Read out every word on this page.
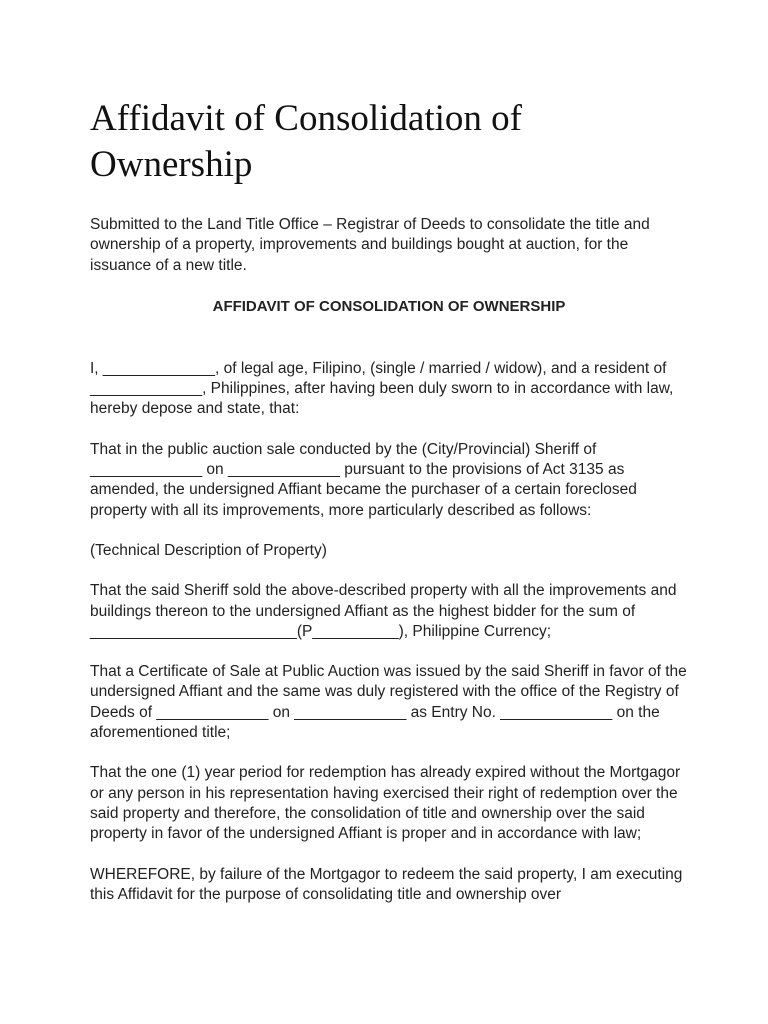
Affidavit of Consolidation of Ownership

Submitted to the Land Title Office – Registrar of Deeds to consolidate the title and ownership of a property, improvements and buildings bought at auction, for the issuance of a new title.

AFFIDAVIT OF CONSOLIDATION OF OWNERSHIP

I, _____________, of legal age, Filipino, (single / married / widow), and a resident of _____________, Philippines, after having been duly sworn to in accordance with law, hereby depose and state, that:

That in the public auction sale conducted by the (City/Provincial) Sheriff of _____________ on _____________ pursuant to the provisions of Act 3135 as amended, the undersigned Affiant became the purchaser of a certain foreclosed property with all its improvements, more particularly described as follows:

(Technical Description of Property)

That the said Sheriff sold the above-described property with all the improvements and buildings thereon to the undersigned Affiant as the highest bidder for the sum of ________________________(P__________), Philippine Currency;

That a Certificate of Sale at Public Auction was issued by the said Sheriff in favor of the undersigned Affiant and the same was duly registered with the office of the Registry of Deeds of _____________ on _____________ as Entry No. _____________ on the aforementioned title;

That the one (1) year period for redemption has already expired without the Mortgagor or any person in his representation having exercised their right of redemption over the said property and therefore, the consolidation of title and ownership over the said property in favor of the undersigned Affiant is proper and in accordance with law;

WHEREFORE, by failure of the Mortgagor to redeem the said property, I am executing this Affidavit for the purpose of consolidating title and ownership over
